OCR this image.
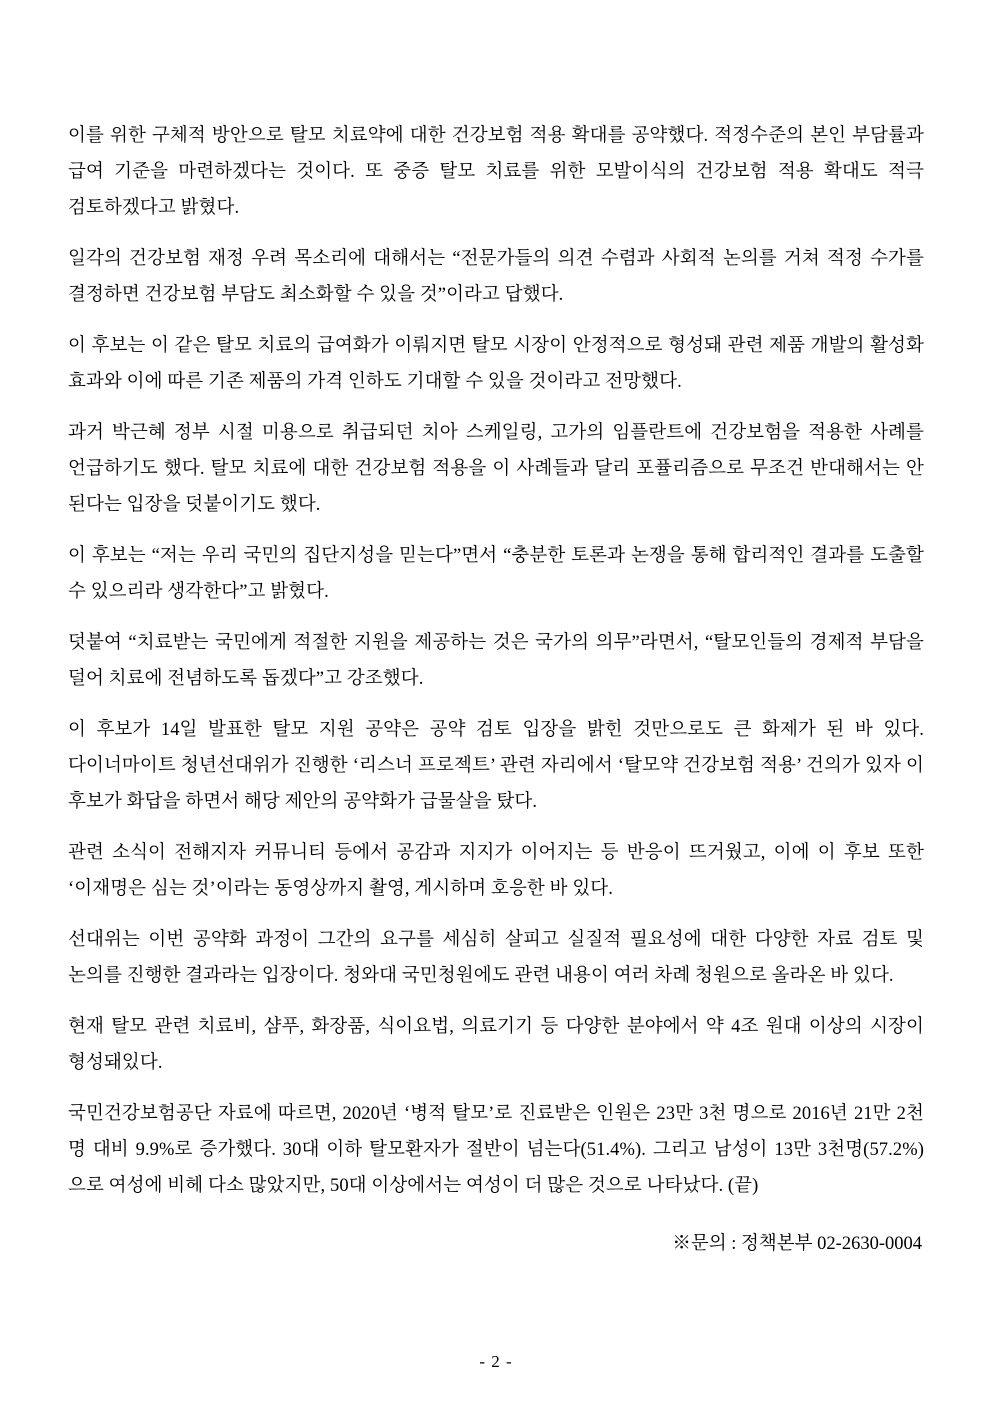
이를 위한 구체적 방안으로 탈모 치료약에 대한 건강보험 적용 확대를 공약했다. 적정수준의 본인 부담률과 급여 기준을 마련하겠다는 것이다. 또 중증 탈모 치료를 위한 모발이식의 건강보험 적용 확대도 적극 검토하겠다고 밝혔다.

일각의 건강보험 재정 우려 목소리에 대해서는 “전문가들의 의견 수렴과 사회적 논의를 거쳐 적정 수가를 결정하면 건강보험 부담도 최소화할 수 있을 것”이라고 답했다.

이 후보는 이 같은 탈모 치료의 급여화가 이뤄지면 탈모 시장이 안정적으로 형성돼 관련 제품 개발의 활성화 효과와 이에 따른 기존 제품의 가격 인하도 기대할 수 있을 것이라고 전망했다.

과거 박근혜 정부 시절 미용으로 취급되던 치아 스케일링, 고가의 임플란트에 건강보험을 적용한 사례를 언급하기도 했다. 탈모 치료에 대한 건강보험 적용을 이 사례들과 달리 포퓰리즘으로 무조건 반대해서는 안 된다는 입장을 덧붙이기도 했다.

이 후보는 “저는 우리 국민의 집단지성을 믿는다”면서 “충분한 토론과 논쟁을 통해 합리적인 결과를 도출할 수 있으리라 생각한다”고 밝혔다.

덧붙여 “치료받는 국민에게 적절한 지원을 제공하는 것은 국가의 의무”라면서, “탈모인들의 경제적 부담을 덜어 치료에 전념하도록 돕겠다”고 강조했다.

이 후보가 14일 발표한 탈모 지원 공약은 공약 검토 입장을 밝힌 것만으로도 큰 화제가 된 바 있다. 다이너마이트 청년선대위가 진행한 ‘리스너 프로젝트’ 관련 자리에서 ‘탈모약 건강보험 적용’ 건의가 있자 이 후보가 화답을 하면서 해당 제안의 공약화가 급물살을 탔다.

관련 소식이 전해지자 커뮤니티 등에서 공감과 지지가 이어지는 등 반응이 뜨거웠고, 이에 이 후보 또한 ‘이재명은 심는 것’이라는 동영상까지 촬영, 게시하며 호응한 바 있다.

선대위는 이번 공약화 과정이 그간의 요구를 세심히 살피고 실질적 필요성에 대한 다양한 자료 검토 및 논의를 진행한 결과라는 입장이다. 청와대 국민청원에도 관련 내용이 여러 차례 청원으로 올라온 바 있다.

현재 탈모 관련 치료비, 샴푸, 화장품, 식이요법, 의료기기 등 다양한 분야에서 약 4조 원대 이상의 시장이 형성돼있다.

국민건강보험공단 자료에 따르면, 2020년 ‘병적 탈모’로 진료받은 인원은 23만 3천 명으로 2016년 21만 2천 명 대비 9.9%로 증가했다. 30대 이하 탈모환자가 절반이 넘는다(51.4%). 그리고 남성이 13만 3천명(57.2%)으로 여성에 비헤 다소 많았지만, 50대 이상에서는 여성이 더 많은 것으로 나타났다. (끝)

※문의 : 정책본부 02-2630-0004
- 2 -
